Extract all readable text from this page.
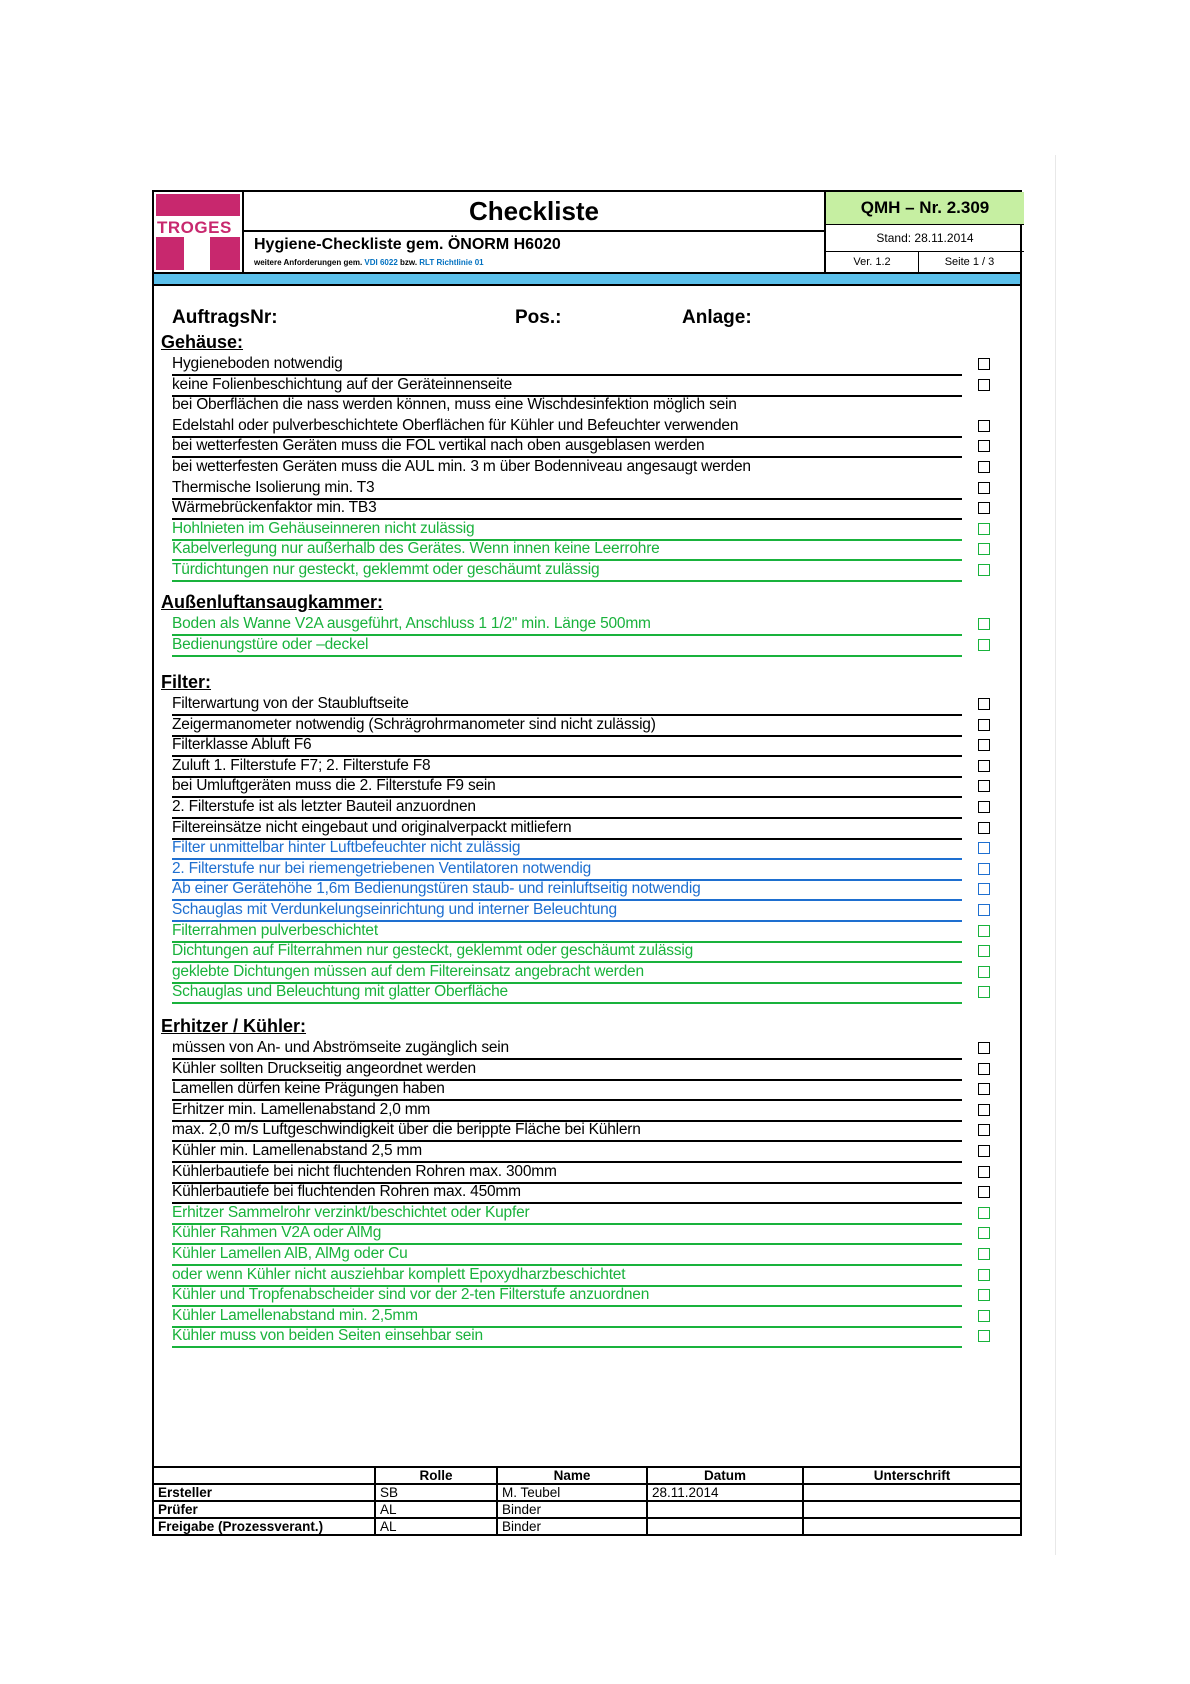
TROGES
Checkliste
Hygiene-Checkliste gem. ÖNORM H6020
weitere Anforderungen gem. VDI 6022 bzw. RLT Richtlinie 01
QMH – Nr. 2.309
Stand: 28.11.2014
Ver. 1.2	Seite 1 / 3
AuftragsNr:	Pos.:	Anlage:
Gehäuse:
Hygieneboden notwendig
keine Folienbeschichtung auf der Geräteinnenseite
bei Oberflächen die nass werden können, muss eine Wischdesinfektion möglich sein
Edelstahl oder pulverbeschichtete Oberflächen für Kühler und Befeuchter verwenden
bei wetterfesten Geräten muss die FOL vertikal nach oben ausgeblasen werden
bei wetterfesten Geräten muss die AUL min. 3 m über Bodenniveau angesaugt werden
Thermische Isolierung min. T3
Wärmebrückenfaktor min. TB3
Hohlnieten im Gehäuseinneren nicht zulässig
Kabelverlegung nur außerhalb des Gerätes. Wenn innen keine Leerrohre
Türdichtungen nur gesteckt, geklemmt oder geschäumt zulässig
Außenluftansaugkammer:
Boden als Wanne V2A ausgeführt, Anschluss 1 1/2" min. Länge 500mm
Bedienungstüre oder –deckel
Filter:
Filterwartung von der Staubluftseite
Zeigermanometer notwendig (Schrägrohrmanometer sind nicht zulässig)
Filterklasse Abluft F6
Zuluft 1. Filterstufe F7; 2. Filterstufe F8
bei Umluftgeräten muss die 2. Filterstufe F9 sein
2. Filterstufe ist als letzter Bauteil anzuordnen
Filtereinsätze nicht eingebaut und originalverpackt mitliefern
Filter unmittelbar hinter Luftbefeuchter nicht zulässig
2. Filterstufe nur bei riemengetriebenen Ventilatoren notwendig
Ab einer Gerätehöhe 1,6m Bedienungstüren staub- und reinluftseitig notwendig
Schauglas mit Verdunkelungseinrichtung und interner Beleuchtung
Filterrahmen pulverbeschichtet
Dichtungen auf Filterrahmen nur gesteckt, geklemmt oder geschäumt zulässig
geklebte Dichtungen müssen auf dem Filtereinsatz angebracht werden
Schauglas und Beleuchtung mit glatter Oberfläche
Erhitzer / Kühler:
müssen von An- und Abströmseite zugänglich sein
Kühler sollten Druckseitig angeordnet werden
Lamellen dürfen keine Prägungen haben
Erhitzer min. Lamellenabstand 2,0 mm
max. 2,0 m/s Luftgeschwindigkeit über die berippte Fläche bei Kühlern
Kühler min. Lamellenabstand 2,5 mm
Kühlerbautiefe bei nicht fluchtenden Rohren max. 300mm
Kühlerbautiefe bei fluchtenden Rohren max. 450mm
Erhitzer Sammelrohr verzinkt/beschichtet oder Kupfer
Kühler Rahmen V2A oder AlMg
Kühler Lamellen AlB, AlMg oder Cu
oder wenn Kühler nicht ausziehbar komplett Epoxydharzbeschichtet
Kühler und Tropfenabscheider sind vor der 2-ten Filterstufe anzuordnen
Kühler Lamellenabstand min. 2,5mm
Kühler muss von beiden Seiten einsehbar sein
	Rolle	Name	Datum	Unterschrift
Ersteller	SB	M. Teubel	28.11.2014	
Prüfer	AL	Binder		
Freigabe (Prozessverant.)	AL	Binder		
